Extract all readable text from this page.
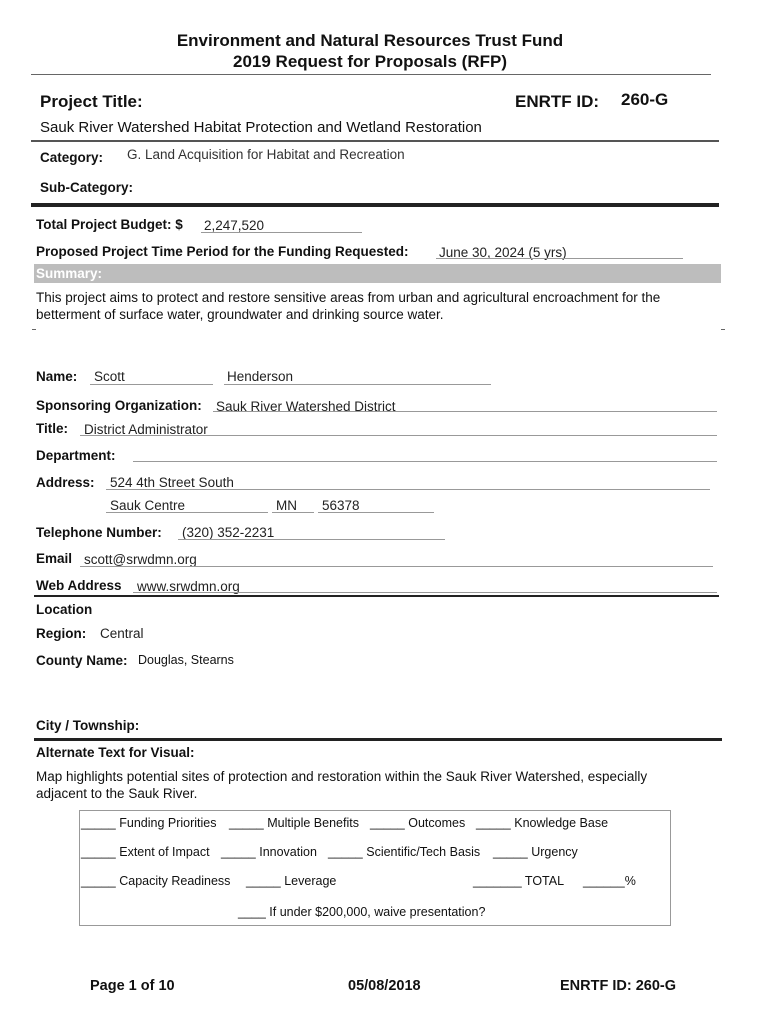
Environment and Natural Resources Trust Fund
2019 Request for Proposals (RFP)
Project Title:	ENRTF ID: 260-G
Sauk River Watershed Habitat Protection and Wetland Restoration
Category: G. Land Acquisition for Habitat and Recreation
Sub-Category:
Total Project Budget: $ 2,247,520
Proposed Project Time Period for the Funding Requested: June 30, 2024 (5 yrs)
Summary:
This project aims to protect and restore sensitive areas from urban and agricultural encroachment for the
betterment of surface water, groundwater and drinking source water.
Name: Scott	Henderson
Sponsoring Organization: Sauk River Watershed District
Title: District Administrator
Department:
Address: 524 4th Street South
Sauk Centre	MN 56378
Telephone Number: (320) 352-2231
Email scott@srwdmn.org
Web Address www.srwdmn.org
Location
Region: Central
County Name: Douglas, Stearns
City / Township:
Alternate Text for Visual:
Map highlights potential sites of protection and restoration within the Sauk River Watershed, especially
adjacent to the Sauk River.
_____ Funding Priorities _____ Multiple Benefits _____ Outcomes _____ Knowledge Base
_____ Extent of Impact _____ Innovation _____ Scientific/Tech Basis _____ Urgency
_____ Capacity Readiness _____ Leverage	_______ TOTAL ______%
____ If under $200,000, waive presentation?
Page 1 of 10	05/08/2018	ENRTF ID: 260-G
